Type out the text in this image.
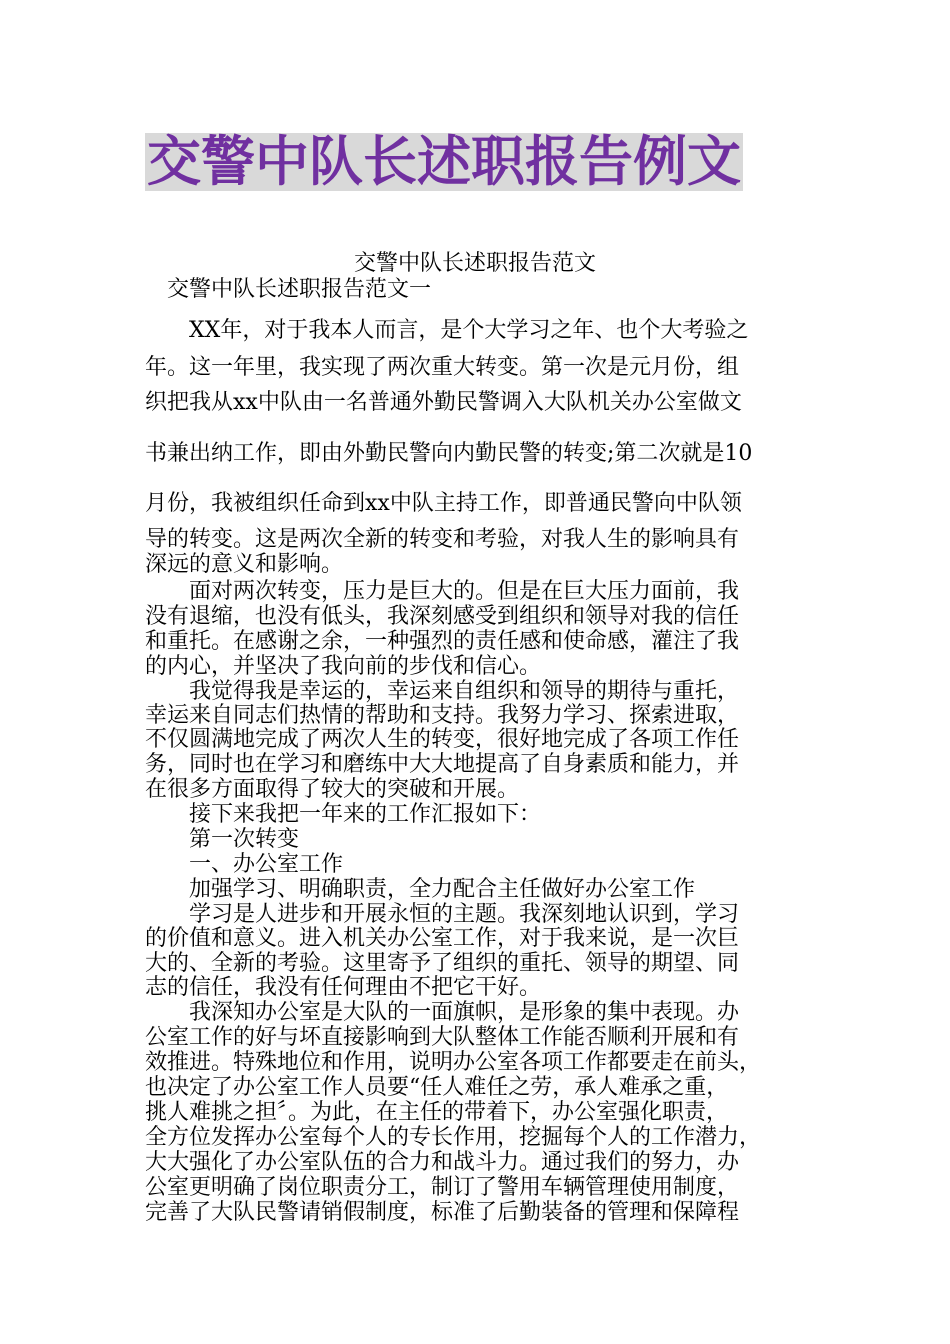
交警中队长述职报告例文
交警中队长述职报告范文
交警中队长述职报告范文一
XX年，对于我本人而言，是个大学习之年、也个大考验之
年。这一年里，我实现了两次重大转变。第一次是元月份，组
织把我从xx中队由一名普通外勤民警调入大队机关办公室做文
书兼出纳工作，即由外勤民警向内勤民警的转变;第二次就是10
月份，我被组织任命到xx中队主持工作，即普通民警向中队领
导的转变。这是两次全新的转变和考验，对我人生的影响具有
深远的意义和影响。
面对两次转变，压力是巨大的。但是在巨大压力面前，我
没有退缩，也没有低头，我深刻感受到组织和领导对我的信任
和重托。在感谢之余，一种强烈的责任感和使命感，灌注了我
的内心，并坚决了我向前的步伐和信心。
我觉得我是幸运的，幸运来自组织和领导的期待与重托，
幸运来自同志们热情的帮助和支持。我努力学习、探索进取，
不仅圆满地完成了两次人生的转变，很好地完成了各项工作任
务，同时也在学习和磨练中大大地提高了自身素质和能力，并
在很多方面取得了较大的突破和开展。
接下来我把一年来的工作汇报如下：
第一次转变
一、办公室工作
加强学习、明确职责，全力配合主任做好办公室工作
学习是人进步和开展永恒的主题。我深刻地认识到，学习
的价值和意义。进入机关办公室工作，对于我来说，是一次巨
大的、全新的考验。这里寄予了组织的重托、领导的期望、同
志的信任，我没有任何理由不把它干好。
我深知办公室是大队的一面旗帜，是形象的集中表现。办
公室工作的好与坏直接影响到大队整体工作能否顺利开展和有
效推进。特殊地位和作用，说明办公室各项工作都要走在前头，
也决定了办公室工作人员要“任人难任之劳，承人难承之重，
挑人难挑之担〞。为此，在主任的带着下，办公室强化职责，
全方位发挥办公室每个人的专长作用，挖掘每个人的工作潜力，
大大强化了办公室队伍的合力和战斗力。通过我们的努力，办
公室更明确了岗位职责分工，制订了警用车辆管理使用制度，
完善了大队民警请销假制度，标准了后勤装备的管理和保障程
